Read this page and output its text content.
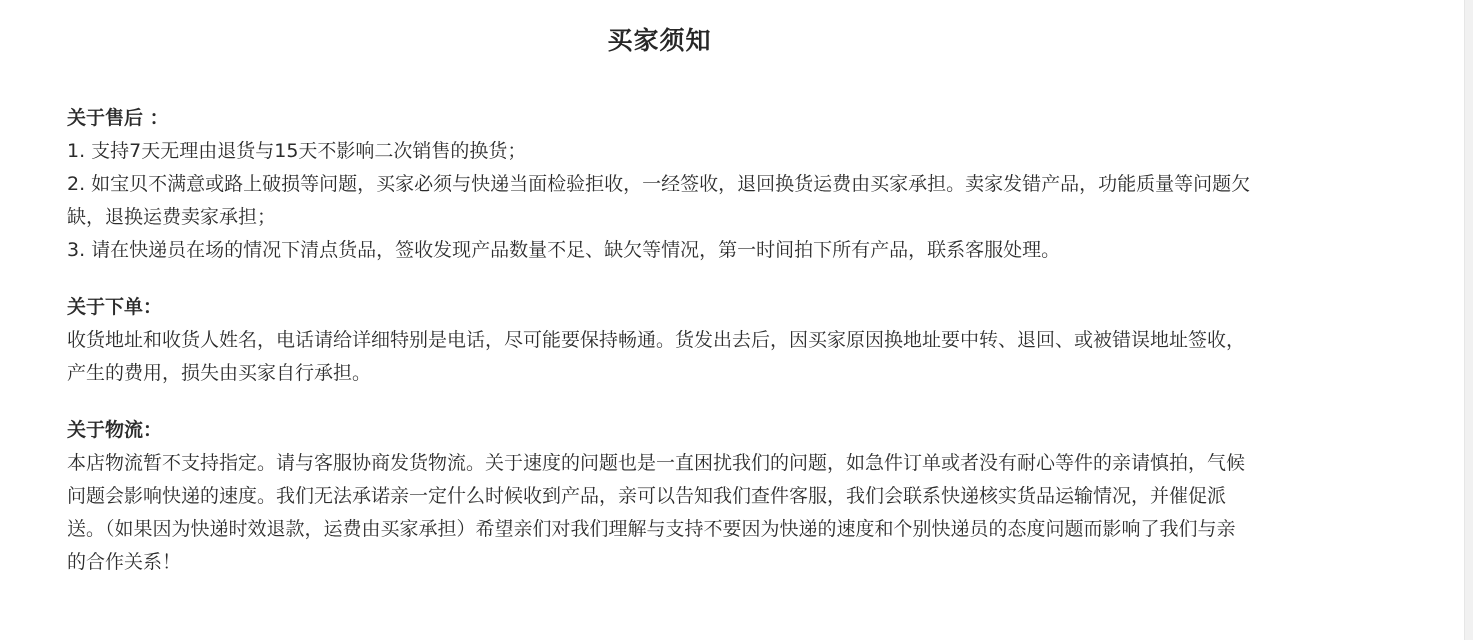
买家须知

关于售后 ：

1. 支持7天无理由退货与15天不影响二次销售的换货；

2. 如宝贝不满意或路上破损等问题，买家必须与快递当面检验拒收，一经签收，退回换货运费由买家承担。卖家发错产品，功能质量等问题欠缺，退换运费卖家承担；

3. 请在快递员在场的情况下清点货品，签收发现产品数量不足、缺欠等情况，第一时间拍下所有产品，联系客服处理。

关于下单：

收货地址和收货人姓名，电话请给详细特别是电话，尽可能要保持畅通。货发出去后，因买家原因换地址要中转、退回、或被错误地址签收，产生的费用，损失由买家自行承担。

关于物流：

本店物流暂不支持指定。请与客服协商发货物流。关于速度的问题也是一直困扰我们的问题，如急件订单或者没有耐心等件的亲请慎拍，气候问题会影响快递的速度。我们无法承诺亲一定什么时候收到产品，亲可以告知我们查件客服，我们会联系快递核实货品运输情况，并催促派送。（如果因为快递时效退款，运费由买家承担）希望亲们对我们理解与支持不要因为快递的速度和个别快递员的态度问题而影响了我们与亲的合作关系！
